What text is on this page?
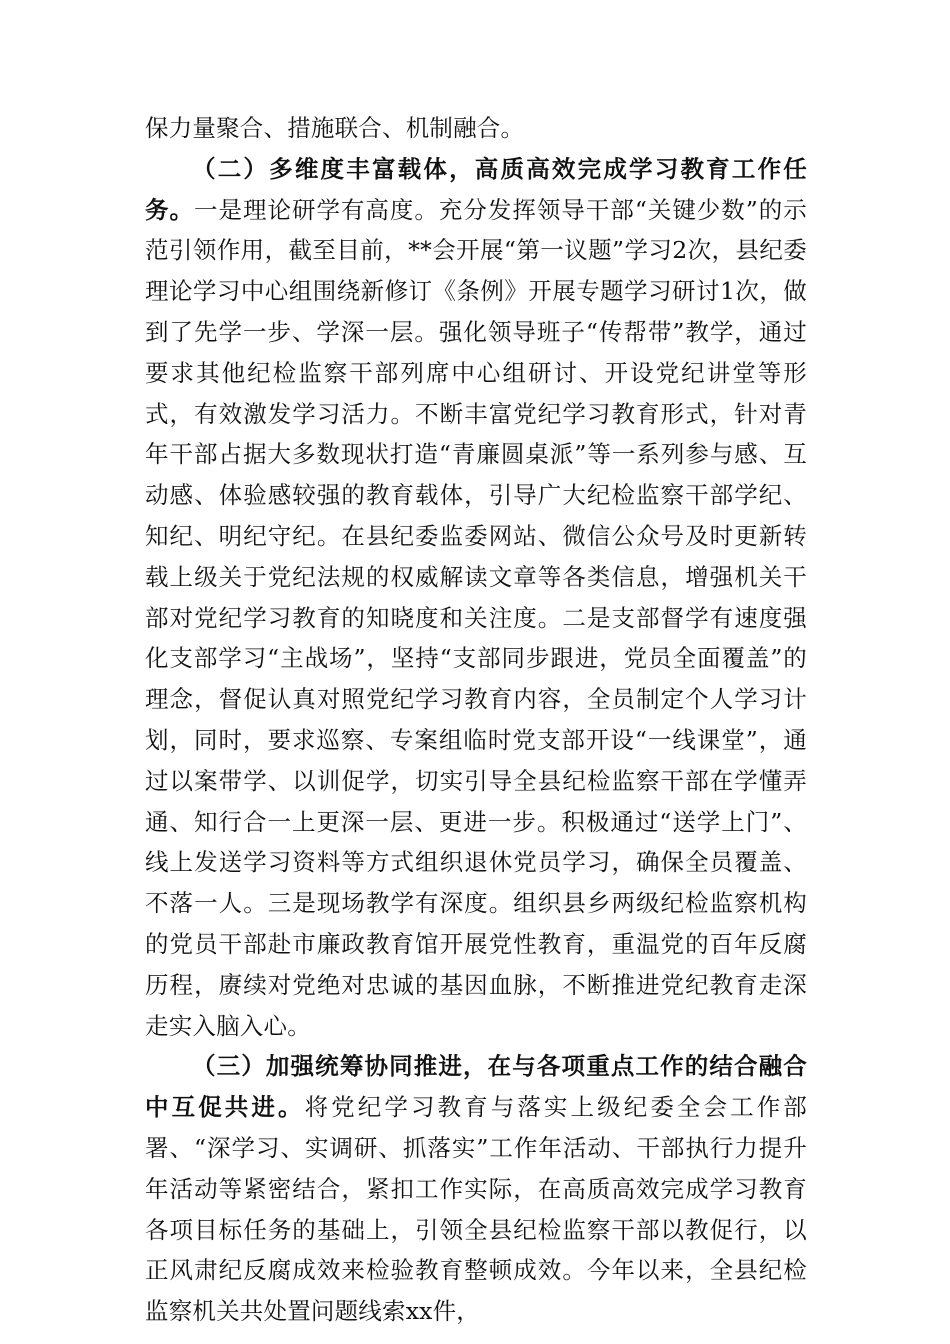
保力量聚合、措施联合、机制融合。

（二）多维度丰富载体，高质高效完成学习教育工作任务。一是理论研学有高度。充分发挥领导干部“关键少数”的示范引领作用，截至目前，**会开展“第一议题”学习2次，县纪委理论学习中心组围绕新修订《条例》开展专题学习研讨1次，做到了先学一步、学深一层。强化领导班子“传帮带”教学，通过要求其他纪检监察干部列席中心组研讨、开设党纪讲堂等形式，有效激发学习活力。不断丰富党纪学习教育形式，针对青年干部占据大多数现状打造“青廉圆桌派”等一系列参与感、互动感、体验感较强的教育载体，引导广大纪检监察干部学纪、知纪、明纪守纪。在县纪委监委网站、微信公众号及时更新转载上级关于党纪法规的权威解读文章等各类信息，增强机关干部对党纪学习教育的知晓度和关注度。二是支部督学有速度强化支部学习“主战场”，坚持“支部同步跟进，党员全面覆盖”的理念，督促认真对照党纪学习教育内容，全员制定个人学习计划，同时，要求巡察、专案组临时党支部开设“一线课堂”，通过以案带学、以训促学，切实引导全县纪检监察干部在学懂弄通、知行合一上更深一层、更进一步。积极通过“送学上门”、线上发送学习资料等方式组织退休党员学习，确保全员覆盖、不落一人。三是现场教学有深度。组织县乡两级纪检监察机构的党员干部赴市廉政教育馆开展党性教育，重温党的百年反腐历程，赓续对党绝对忠诚的基因血脉，不断推进党纪教育走深走实入脑入心。

（三）加强统筹协同推进，在与各项重点工作的结合融合中互促共进。将党纪学习教育与落实上级纪委全会工作部署、“深学习、实调研、抓落实”工作年活动、干部执行力提升年活动等紧密结合，紧扣工作实际，在高质高效完成学习教育各项目标任务的基础上，引领全县纪检监察干部以教促行，以正风肃纪反腐成效来检验教育整顿成效。今年以来，全县纪检监察机关共处置问题线索xx件，
